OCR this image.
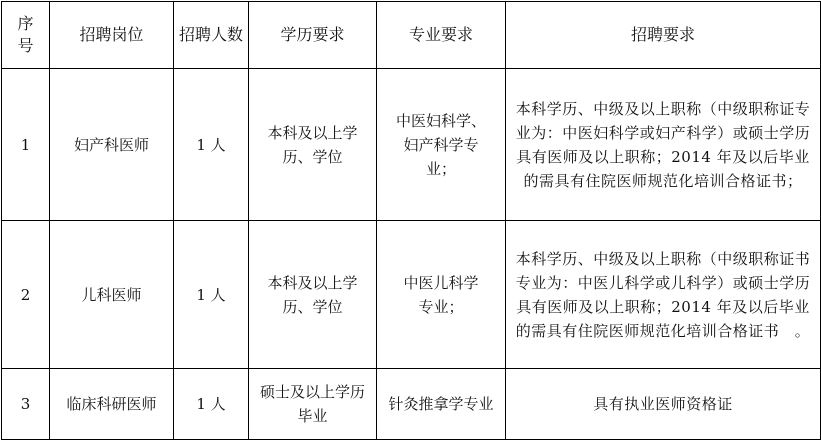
序号	招聘岗位	招聘人数	学历要求	专业要求	招聘要求
1	妇产科医师	1 人	本科及以上学历、学位	中医妇科学、妇产科学专业；	本科学历、中级及以上职称（中级职称证专业为：中医妇科学或妇产科学）或硕士学历具有医师及以上职称；2014 年及以后毕业的需具有住院医师规范化培训合格证书；
2	儿科医师	1 人	本科及以上学历、学位	中医儿科学专业；	本科学历、中级及以上职称（中级职称证书专业为：中医儿科学或儿科学）或硕士学历具有医师及以上职称；2014 年及以后毕业的需具有住院医师规范化培训合格证书　。
3	临床科研医师	1 人	硕士及以上学历毕业	针灸推拿学专业	具有执业医师资格证
